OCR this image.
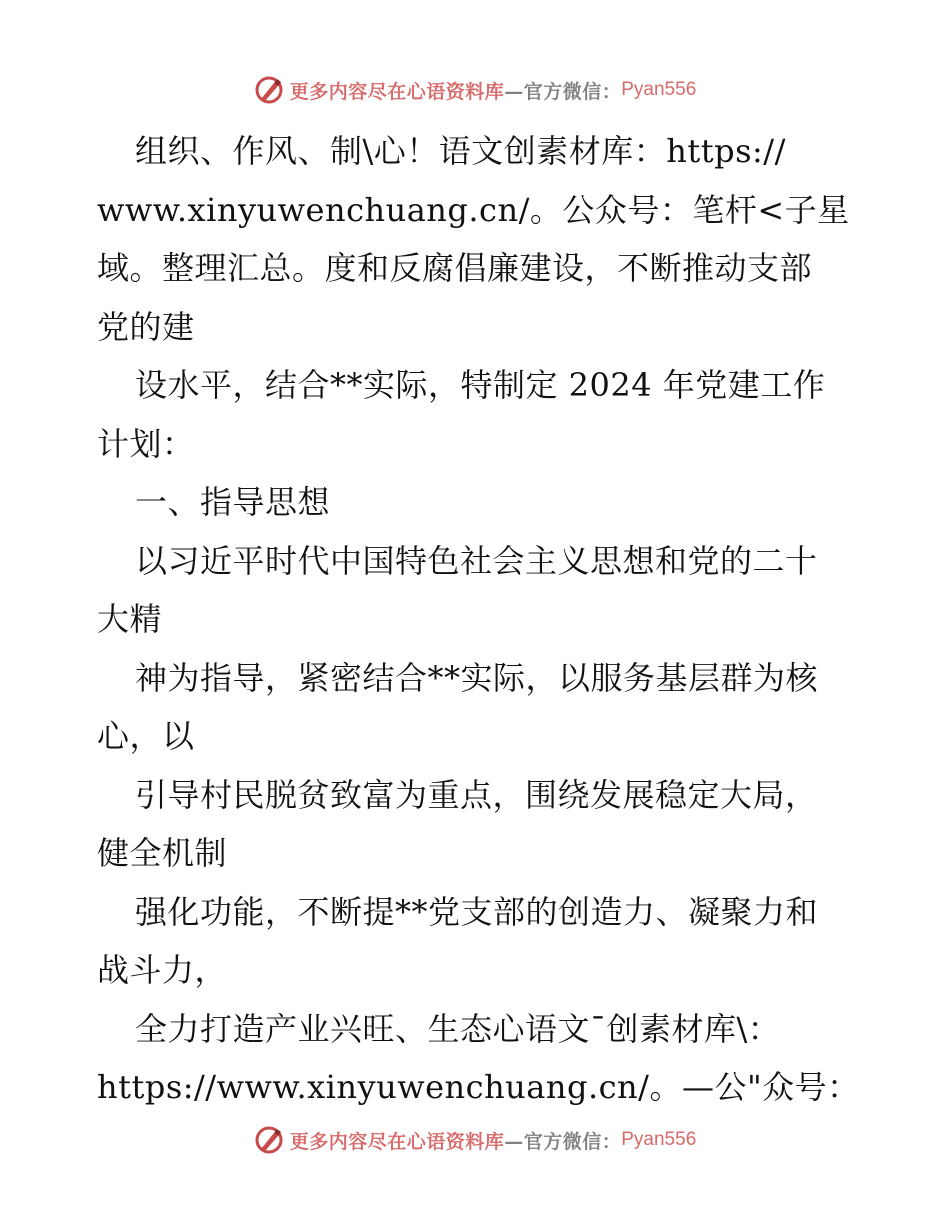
更多内容尽在心语资料库 —官方微信： Pyan556
组织、作风、制\心！语文创素材库：https://
www.xinyuwenchuang.cn/。公众号：笔杆<子星
域。整理汇总。度和反腐倡廉建设，不断推动支部
党的建
设水平，结合**实际，特制定 2024 年党建工作
计划：
一、指导思想
以习近平时代中国特色社会主义思想和党的二十
大精
神为指导，紧密结合**实际，以服务基层群为核
心，以
引导村民脱贫致富为重点，围绕发展稳定大局，
健全机制
强化功能，不断提**党支部的创造力、凝聚力和
战斗力，
全力打造产业兴旺、生态心语文¯创素材库\：
https://www.xinyuwenchuang.cn/。—公"众号：
更多内容尽在心语资料库 —官方微信： Pyan556
